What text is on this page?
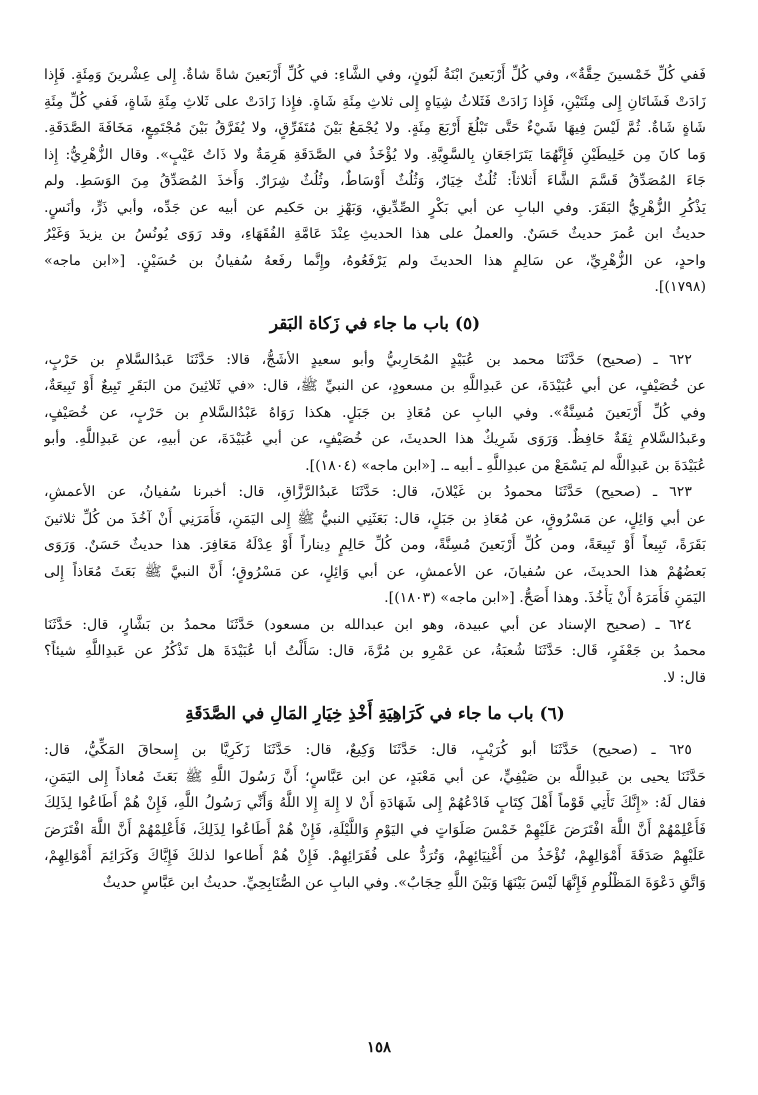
فَفي كُلِّ خَمْسينَ حِقَّةٌ»، وفي كُلِّ أَرْبَعينَ ابْنَةُ لَبُونٍ، وفي الشَّاءِ: في كُلِّ أَرْبَعينَ شاةً شاةٌ. إِلى عِشْرينَ وَمِئَةٍ. فَإِذا
زَادَتْ فَشَاتَانِ إِلى مِئَتَيْنِ، فَإِذا زَادَتْ فَثَلاثُ شِيَاهٍ إِلى ثلاثِ مِئَةِ شَاةٍ. فإِذا زَادَتْ على ثَلاثِ مِئَةِ شَاةٍ، فَفي كُلِّ مِئَةِ
شَاةٍ شَاةٌ. ثُمَّ لَيْسَ فِيهَا شَيْءٌ حَتَّى تَبْلُغَ أَرْبَعَ مِئَةٍ. ولا يُجْمَعُ بَيْنَ مُتَفَرِّقٍ، ولا يُفَرَّقُ بَيْنَ مُجْتَمِعٍ، مَخَافَةَ الصَّدَقَةِ.
وَما كانَ مِن خَلِيطَيْنِ فَإِنَّهُمَا يَتَرَاجَعَانِ بِالسَّوِيَّةِ. ولا يُؤْخَذُ في الصَّدَقَةِ هَرِمَةٌ ولا ذَاتُ عَيْبٍ». وقال الزُّهْرِيُّ: إِذا
جَاءَ المُصَدِّقُ قَسَّمَ الشَّاءَ أَثلاثاً: ثُلُثٌ خِيَارٌ، وَثُلُثٌ أَوْسَاطٌ، وثُلُثٌ شِرَارٌ. وَأَخذَ المُصَدِّقُ مِنَ الوَسَطِ. ولم
يَذْكُرِ الزُّهْرِيُّ البَقَرَ. وفي البابِ عن أبي بَكْرٍ الصِّدِّيقِ، وَبَهْزِ بن حَكيم عن أبيه عن جَدِّه، وأبي ذَرٍّ، وأنَسٍ.
حديثُ ابن عُمرَ حديثٌ حَسَنٌ. والعملُ على هذا الحديثِ عِنْدَ عَامَّةِ الفُقَهَاءِ، وقد رَوَى يُونُسُ بن يزيدَ وَغَيْرُ
واحدٍ، عن الزُّهْرِيِّ، عن سَالِمٍ هذا الحديثَ ولم يَرْفَعُوهُ، وإِنَّما رفَعهُ سُفيانُ بن حُسَيْنٍ. [«ابن ماجه»
(١٧٩٨)].
(٥) باب ما جاء في زَكاة البَقر
٦٢٢ ـ (صحيح) حَدَّثَنَا محمد بن عُبَيْدٍ المُحَارِبيُّ وأبو سعيدٍ الأشَجُّ، قالا: حَدَّثَنَا عَبدُالسَّلامِ بن حَرْبٍ،
عن خُصَيْفٍ، عن أبي عُبَيْدَةَ، عن عَبدِاللَّهِ بن مسعودٍ، عن النبيِّ ﷺ، قال: «في ثَلاثِينَ من البَقَرِ تَبِيعٌ أَوْ تَبِيعَةٌ،
وفي كُلِّ أَرْبَعينَ مُسِنَّةٌ». وفي البابِ عن مُعَاذِ بن جَبَلٍ. هكذا رَوَاهُ عَبْدُالسَّلامِ بن حَرْبٍ، عن خُصَيْفٍ،
وعَبدُالسَّلامِ ثِقَةٌ حَافِظٌ. وَرَوَى شَرِيكٌ هذا الحديثَ، عن خُصَيْفٍ، عن أبي عُبَيْدَةَ، عن أبيهِ، عن عَبدِاللَّهِ. وأبو
عُبَيْدَةَ بن عَبدِاللَّه لم يَسْمَعْ من عبدِاللَّهِ ـ أبيه ـ. [«ابن ماجه» (١٨٠٤)].
٦٢٣ ـ (صحيح) حَدَّثَنَا محمودُ بن غَيْلانَ، قال: حَدَّثَنَا عَبدُالرَّزَّاقِ، قال: أخبرنا سُفيانُ، عن الأعمشِ،
عن أبي وَائِلٍ، عن مَسْرُوقٍ، عن مُعَاذِ بن جَبَلٍ، قال: بَعَثَنِي النبيُّ ﷺ إِلى اليَمَنِ، فَأَمَرَنِي أَنْ آخُذَ من كُلِّ ثلاثينَ
بَقَرَةً، تَبِيعاً أَوْ تَبِيعَةً، ومن كُلِّ أَرْبَعينَ مُسِنَّةً، ومن كُلِّ حَالِمٍ دِيناراً أَوْ عِدْلَهُ مَعَافِرَ. هذا حديثٌ حَسَنٌ. وَرَوَى
بَعضُهُمْ هذا الحديثَ، عن سُفيانَ، عن الأعمشِ، عن أبي وَائِلٍ، عن مَسْرُوقٍ؛ أَنَّ النبيَّ ﷺ بَعَثَ مُعَاذاً إِلى
اليَمَنِ فَأَمَرَهُ أَنْ يَأْخُذَ. وهذا أَصَحُّ. [«ابن ماجه» (١٨٠٣)].
٦٢٤ ـ (صحيح الإسناد عن أبي عبيدة، وهو ابن عبدالله بن مسعود) حَدَّثَنَا محمدُ بن بَشَّارٍ، قال: حَدَّثَنَا
محمدُ بن جَعْفَرٍ، قَال: حَدَّثَنَا شُعبَةُ، عن عَمْرِو بن مُرَّةَ، قال: سَأَلْتُ أبا عُبَيْدَةَ هل تَذْكُرُ عن عَبدِاللَّهِ شيئاً؟
قال: لا.
(٦) باب ما جاء في كَرَاهِيَةِ أَخْذِ خِيَارِ المَالِ في الصَّدَقَةِ
٦٢٥ ـ (صحيح) حَدَّثَنَا أبو كُرَيْبٍ، قال: حَدَّثَنَا وَكِيعٌ، قال: حَدَّثَنَا زَكَرِيَّا بن إِسحاقَ المَكِّيُّ، قال:
حَدَّثَنَا يحيى بن عَبدِاللَّه بن صَيْفِيٍّ، عن أبي مَعْبَدٍ، عن ابن عَبَّاسٍ؛ أَنَّ رَسُولَ اللَّهِ ﷺ بَعَثَ مُعاذاً إِلى اليَمَنِ،
فقال لَهُ: «إِنَّكَ تَأْتِي قَوْماً أَهْلَ كِتَابٍ فَادْعُهُمْ إِلى شَهَادَةِ أَنْ لا إِلهَ إِلا اللَّهُ وَأَنِّي رَسُولُ اللَّهِ، فَإِنْ هُمْ أَطَاعُوا لِذَلِكَ
فَأَعْلِمْهُمْ أَنَّ اللَّهَ افْتَرَضَ عَلَيْهِمْ خَمْسَ صَلَوَاتٍ في اليَوْمِ وَاللَّيْلَةِ، فَإِنْ هُمْ أَطَاعُوا لِذَلِكَ، فَأَعْلِمْهُمْ أَنَّ اللَّهَ افْتَرَضَ
عَلَيْهِمْ صَدَقَةَ أَمْوَالِهِمْ، تُؤْخَذُ من أَغْنِيَائِهِمْ، وَتُرَدُّ على فُقَرَائِهِمْ. فَإِنْ هُمْ أَطاعوا لذلكَ فَإِيَّاكَ وَكَرَائِمَ أَمْوَالِهِمْ،
وَاتَّقِ دَعْوَةَ المَظْلُومِ فَإِنَّهَا لَيْسَ بَيْنَهَا وَبَيْنَ اللَّهِ حِجَابٌ». وفي البابِ عن الصُّنَابِحِيِّ. حديثُ ابن عَبَّاسٍ حديثٌ
١٥٨
